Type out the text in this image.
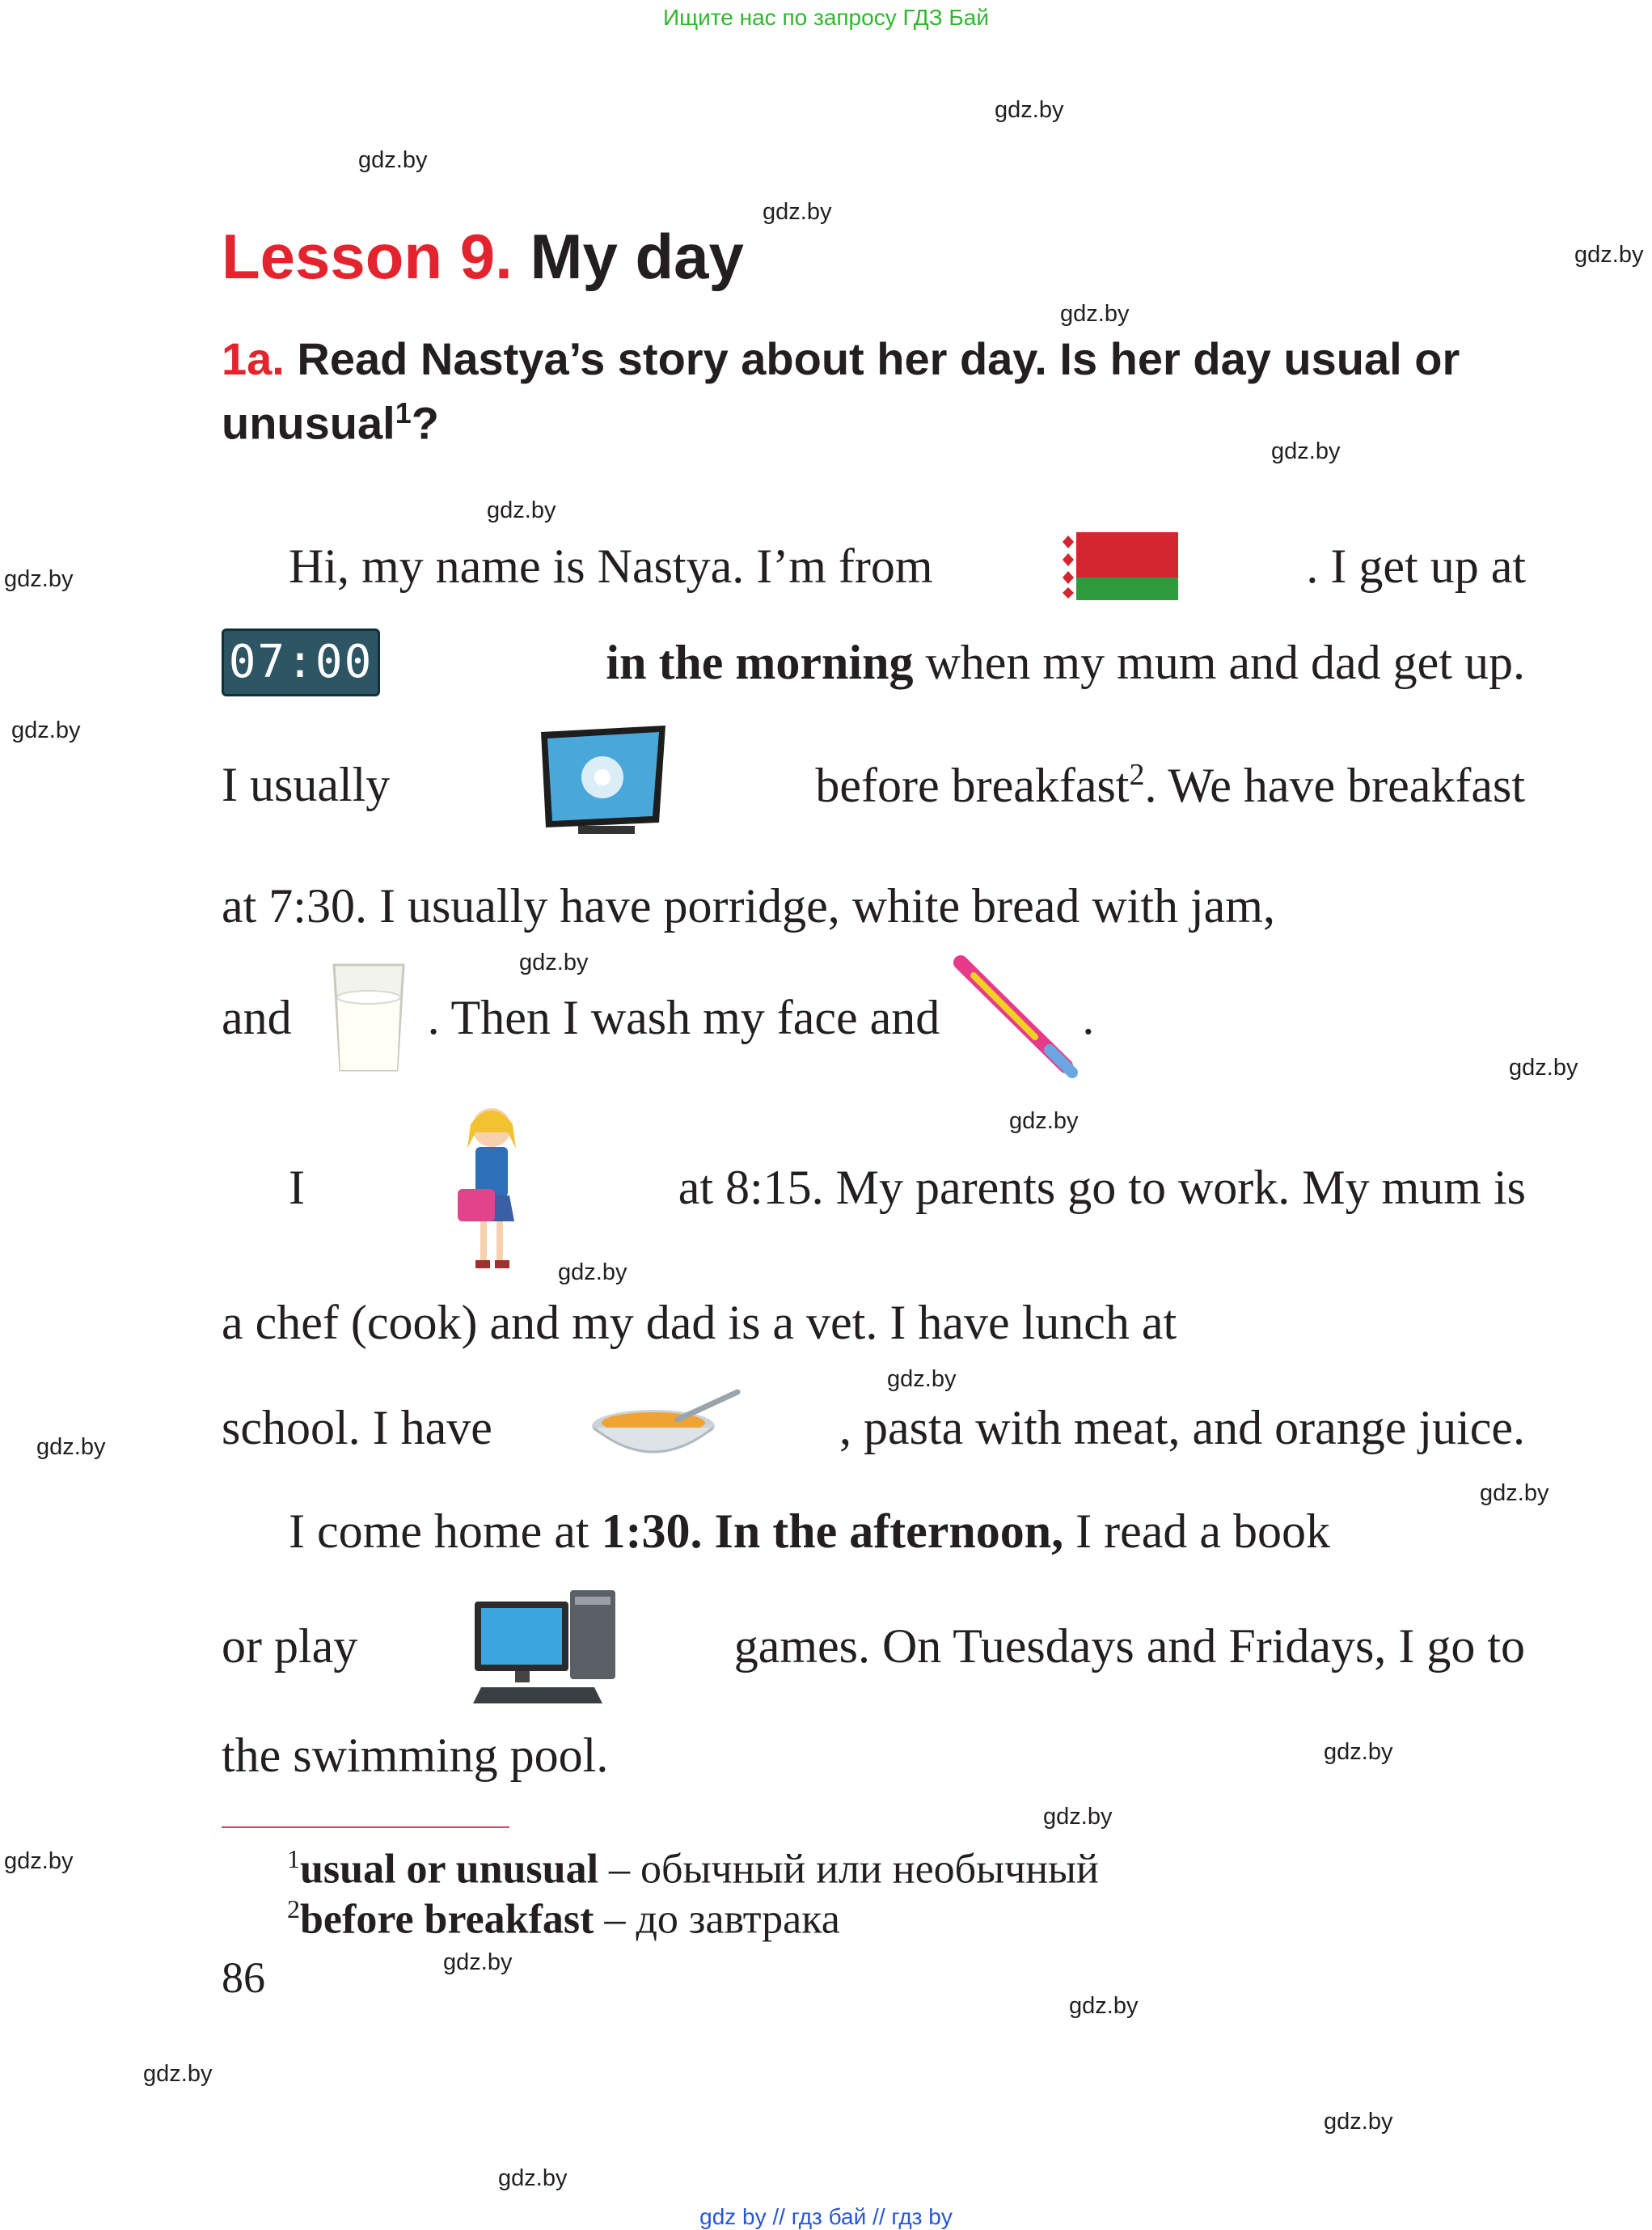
Ищите нас по запросу ГДЗ Бай
gdz.by
gdz.by
gdz.by
gdz.by
gdz.by
gdz.by
gdz.by
gdz.by
gdz.by
gdz.by
gdz.by
gdz.by
gdz.by
gdz.by
gdz.by
gdz.by
gdz.by
gdz.by
gdz.by
gdz.by
gdz.by
gdz.by
gdz.by
gdz.by
Lesson 9. My day
1a. Read Nastya’s story about her day. Is her day usual or unusual$^1$?
Hi, my name is Nastya. I’m from	. I get up at
07:00	in the morning when my mum and dad get up.
I usually	before breakfast$^2$. We have breakfast
at 7:30. I usually have porridge, white bread with jam,
and	. Then I wash my face and	.
I	at 8:15. My parents go to work. My mum is
a chef (cook) and my dad is a vet. I have lunch at
school. I have	, pasta with meat, and orange juice.
I come home at 1:30. In the afternoon, I read a book
or play	games. On Tuesdays and Fridays, I go to
the swimming pool.
$^1$usual or unusual – обычный или необычный
$^2$before breakfast – до завтрака
86
gdz by // гдз бай // гдз by
